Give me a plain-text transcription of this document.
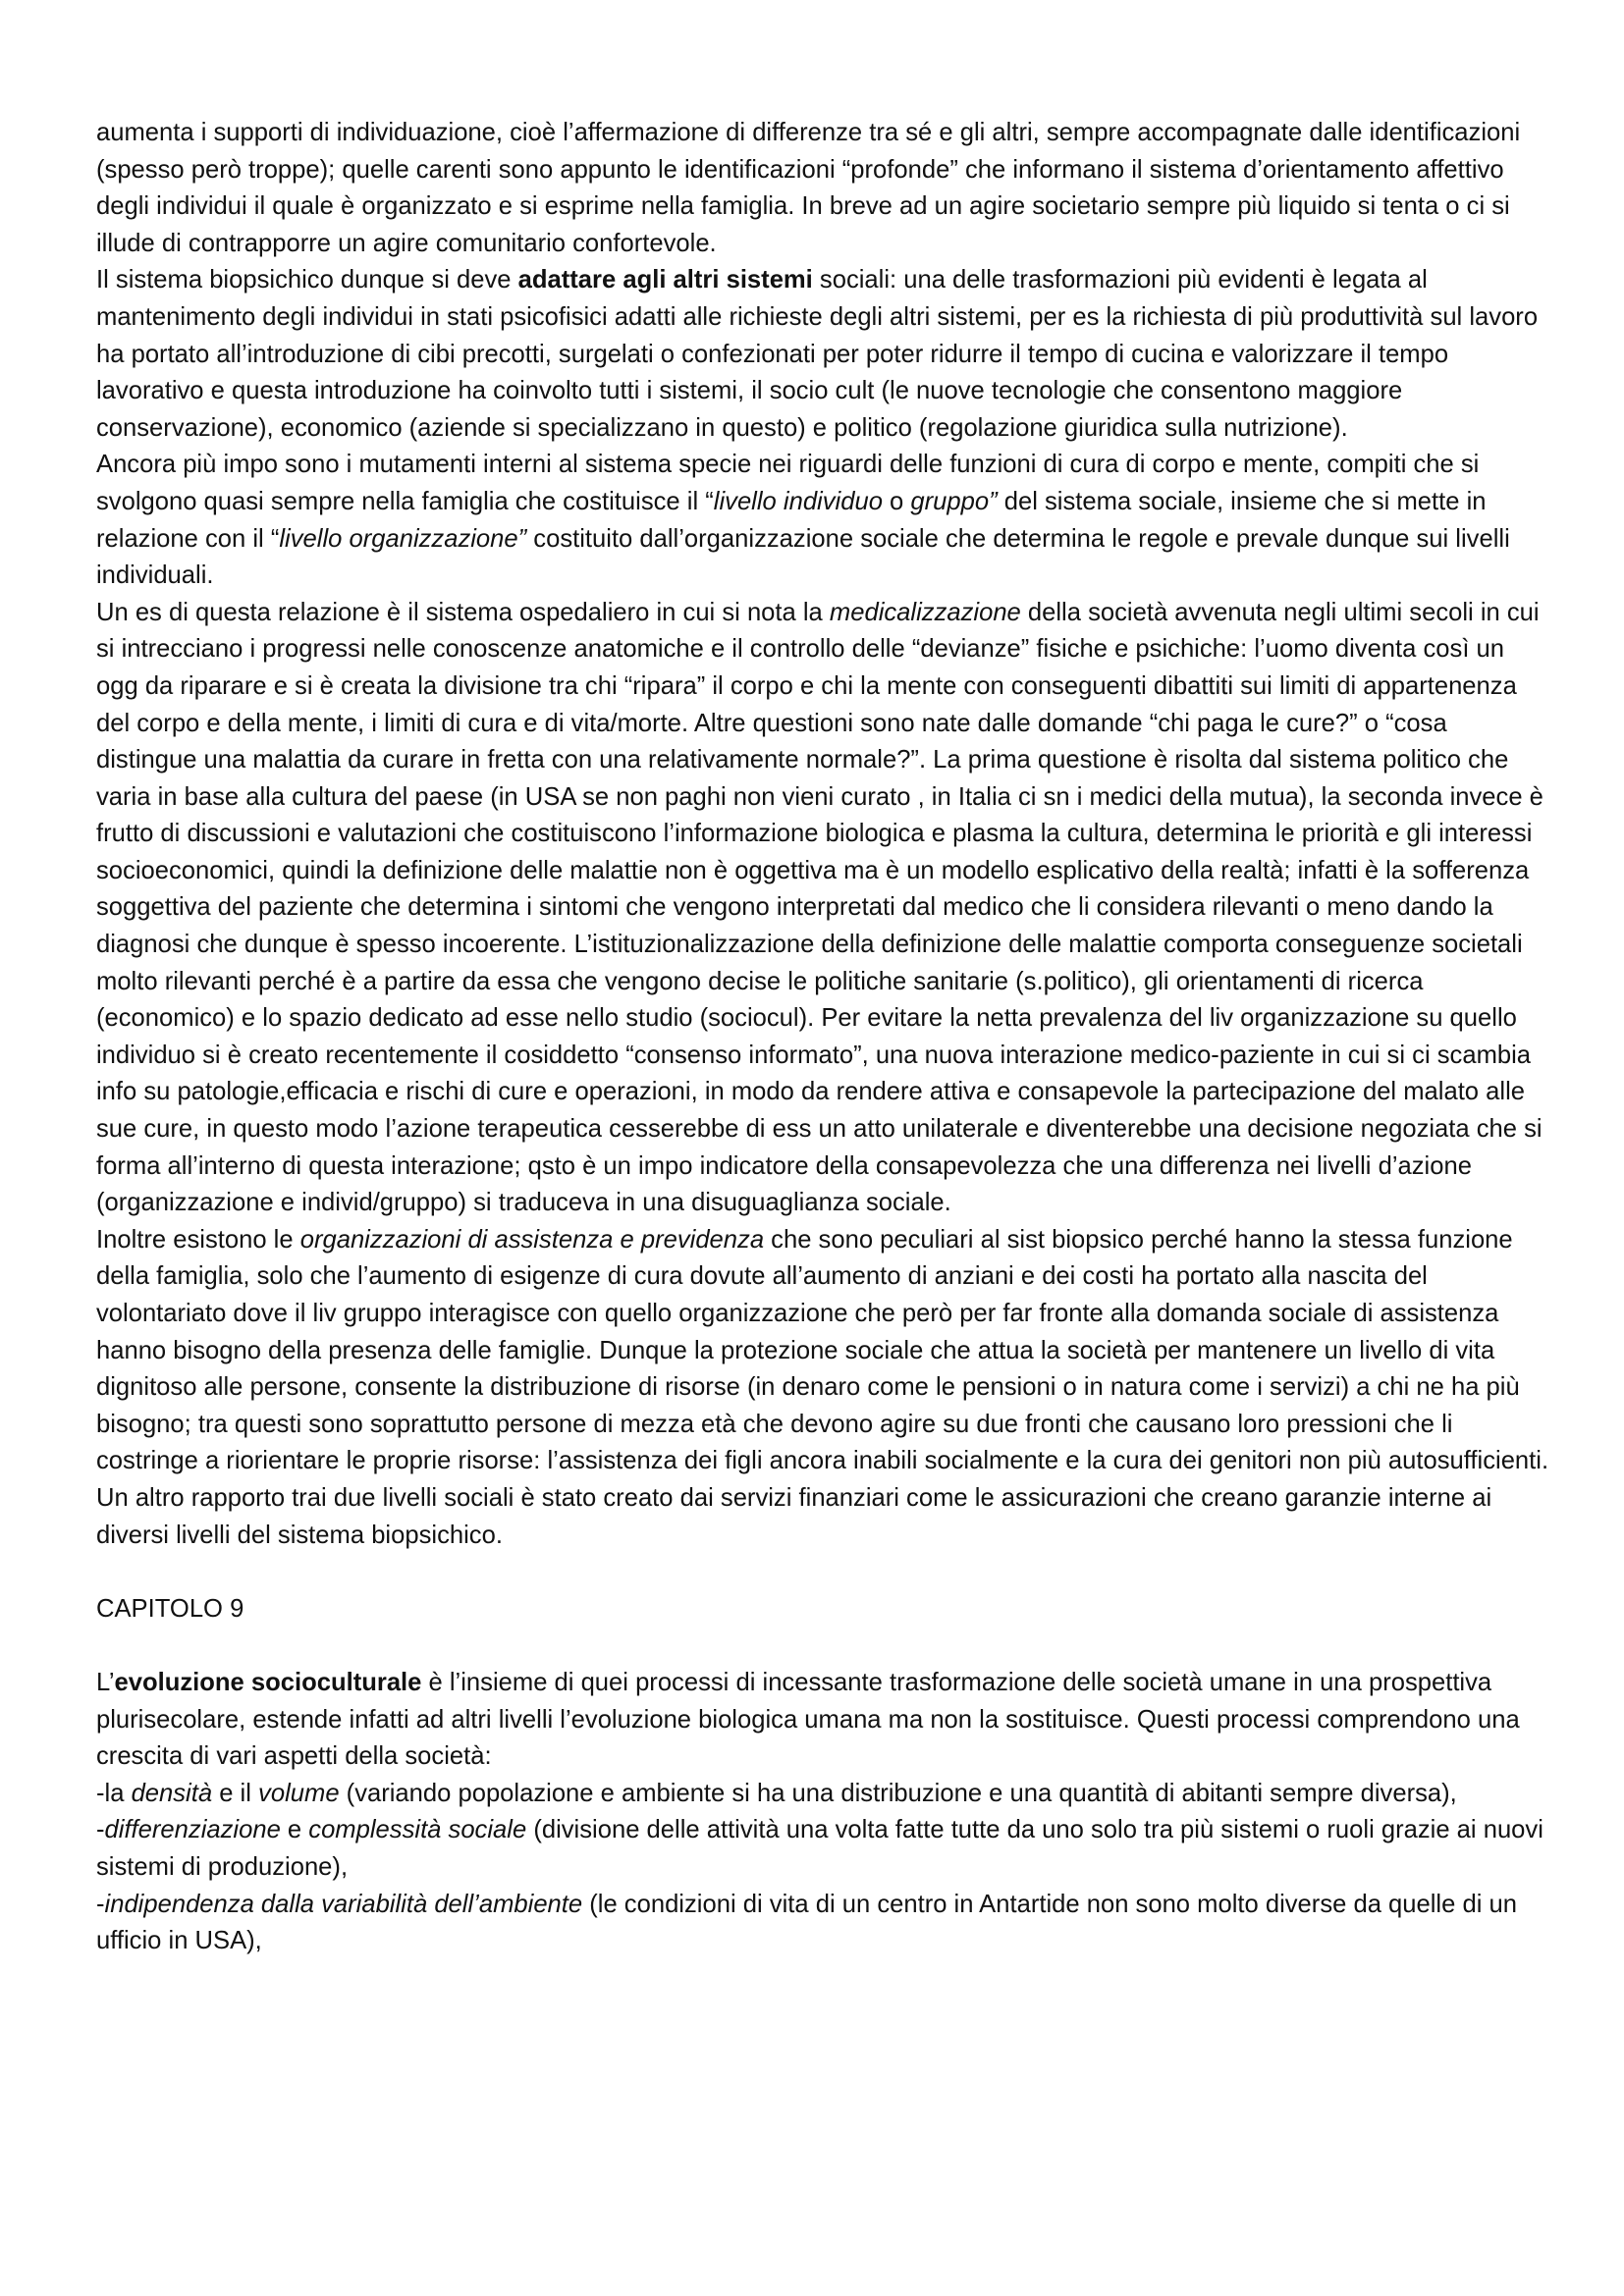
aumenta i supporti di individuazione, cioè l’affermazione di differenze tra sé e gli altri, sempre accompagnate dalle identificazioni (spesso però troppe); quelle carenti sono appunto le identificazioni “profonde” che informano il sistema d’orientamento affettivo degli individui il quale è organizzato e si esprime nella famiglia. In breve ad un agire societario sempre più liquido si tenta o ci si illude di contrapporre un agire comunitario confortevole.

Il sistema biopsichico dunque si deve adattare agli altri sistemi sociali: una delle trasformazioni più evidenti è legata al mantenimento degli individui in stati psicofisici adatti alle richieste degli altri sistemi, per es la richiesta di più produttività sul lavoro ha portato all’introduzione di cibi precotti, surgelati o confezionati per poter ridurre il tempo di cucina e valorizzare il tempo lavorativo e questa introduzione ha coinvolto tutti i sistemi, il socio cult (le nuove tecnologie che consentono maggiore conservazione), economico (aziende si specializzano in questo) e politico (regolazione giuridica sulla nutrizione).

Ancora più impo sono i mutamenti interni al sistema specie nei riguardi delle funzioni di cura di corpo e mente, compiti che si svolgono quasi sempre nella famiglia che costituisce il “livello individuo o gruppo” del sistema sociale, insieme che si mette in relazione con il “livello organizzazione” costituito dall’organizzazione sociale che determina le regole e prevale dunque sui livelli individuali.

Un es di questa relazione è il sistema ospedaliero in cui si nota la medicalizzazione della società avvenuta negli ultimi secoli in cui si intrecciano i progressi nelle conoscenze anatomiche e il controllo delle “devianze” fisiche e psichiche: l’uomo diventa così un ogg da riparare e si è creata la divisione tra chi “ripara” il corpo e chi la mente con conseguenti dibattiti sui limiti di appartenenza del corpo e della mente, i limiti di cura e di vita/morte. Altre questioni sono nate dalle domande “chi paga le cure?” o “cosa distingue una malattia da curare in fretta con una relativamente normale?”. La prima questione è risolta dal sistema politico che varia in base alla cultura del paese (in USA se non paghi non vieni curato , in Italia ci sn i medici della mutua), la seconda invece è frutto di discussioni e valutazioni che costituiscono l’informazione biologica e plasma la cultura, determina le priorità e gli interessi socioeconomici, quindi la definizione delle malattie non è oggettiva ma è un modello esplicativo della realtà; infatti è la sofferenza soggettiva del paziente che determina i sintomi che vengono interpretati dal medico che li considera rilevanti o meno dando la diagnosi che dunque è spesso incoerente. L’istituzionalizzazione della definizione delle malattie comporta conseguenze societali molto rilevanti perché è a partire da essa che vengono decise le politiche sanitarie (s.politico), gli orientamenti di ricerca (economico) e lo spazio dedicato ad esse nello studio (sociocul). Per evitare la netta prevalenza del liv organizzazione su quello individuo si è creato recentemente il cosiddetto “consenso informato”, una nuova interazione medico-paziente in cui si ci scambia info su patologie,efficacia e rischi di cure e operazioni, in modo da rendere attiva e consapevole la partecipazione del malato alle sue cure, in questo modo l’azione terapeutica cesserebbe di ess un atto unilaterale e diventerebbe una decisione negoziata che si forma all’interno di questa interazione; qsto è un impo indicatore della consapevolezza che una differenza nei livelli d’azione (organizzazione e individ/gruppo) si traduceva in una disuguaglianza sociale.

Inoltre esistono le organizzazioni di assistenza e previdenza che sono peculiari al sist biopsico perché hanno la stessa funzione della famiglia, solo che l’aumento di esigenze di cura dovute all’aumento di anziani e dei costi ha portato alla nascita del volontariato dove il liv gruppo interagisce con quello organizzazione che però per far fronte alla domanda sociale di assistenza hanno bisogno della presenza delle famiglie. Dunque la protezione sociale che attua la società per mantenere un livello di vita dignitoso alle persone, consente la distribuzione di risorse (in denaro come le pensioni o in natura come i servizi) a chi ne ha più bisogno; tra questi sono soprattutto persone di mezza età che devono agire su due fronti che causano loro pressioni che li costringe a riorientare le proprie risorse: l’assistenza dei figli ancora inabili socialmente e la cura dei genitori non più autosufficienti.

Un altro rapporto trai due livelli sociali è stato creato dai servizi finanziari come le assicurazioni che creano garanzie interne ai diversi livelli del sistema biopsichico.

CAPITOLO 9

L’evoluzione socioculturale è l’insieme di quei processi di incessante trasformazione delle società umane in una prospettiva plurisecolare, estende infatti ad altri livelli l’evoluzione biologica umana ma non la sostituisce. Questi processi comprendono una crescita di vari aspetti della società:

-la densità e il volume (variando popolazione e ambiente si ha una distribuzione e una quantità di abitanti sempre diversa),

-differenziazione e complessità sociale (divisione delle attività una volta fatte tutte da uno solo tra più sistemi o ruoli grazie ai nuovi sistemi di produzione),

-indipendenza dalla variabilità dell’ambiente (le condizioni di vita di un centro in Antartide non sono molto diverse da quelle di un ufficio in USA),
